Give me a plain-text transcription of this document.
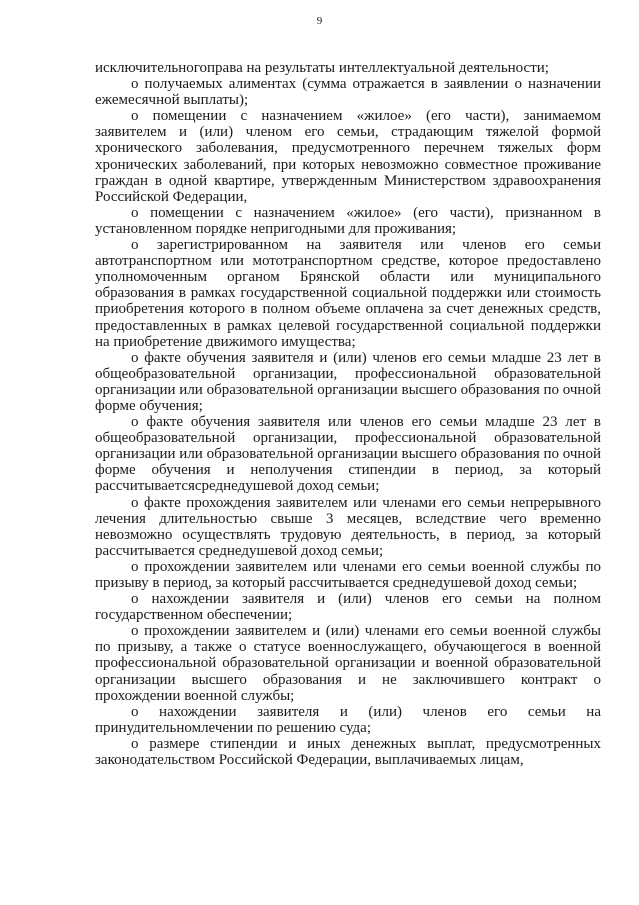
9

исключительногоправа на результаты интеллектуальной деятельности;

о получаемых алиментах (сумма отражается в заявлении о назначении ежемесячной выплаты);

о помещении с назначением «жилое» (его части), занимаемом заявителем и (или) членом его семьи, страдающим тяжелой формой хронического заболевания, предусмотренного перечнем тяжелых форм хронических заболеваний, при которых невозможно совместное проживание граждан в одной квартире, утвержденным Министерством здравоохранения Российской Федерации,

о помещении с назначением «жилое» (его части), признанном в установленном порядке непригодными для проживания;

о зарегистрированном на заявителя или членов его семьи автотранспортном или мототранспортном средстве, которое предоставлено уполномоченным органом Брянской области или муниципального образования в рамках государственной социальной поддержки или стоимость приобретения которого в полном объеме оплачена за счет денежных средств, предоставленных в рамках целевой государственной социальной поддержки на приобретение движимого имущества;

о факте обучения заявителя и (или) членов его семьи младше 23 лет в общеобразовательной организации, профессиональной образовательной организации или образовательной организации высшего образования по очной форме обучения;

о факте обучения заявителя или членов его семьи младше 23 лет в общеобразовательной организации, профессиональной образовательной организации или образовательной организации высшего образования по очной форме обучения и неполучения стипендии в период, за который рассчитываетсясреднедушевой доход семьи;

о факте прохождения заявителем или членами его семьи непрерывного лечения длительностью свыше 3 месяцев, вследствие чего временно невозможно осуществлять трудовую деятельность, в период, за который рассчитывается среднедушевой доход семьи;

о прохождении заявителем или членами его семьи военной службы по призыву в период, за который рассчитывается среднедушевой доход семьи;

о нахождении заявителя и (или) членов его семьи на полном государственном обеспечении;

о прохождении заявителем и (или) членами его семьи военной службы по призыву, а также о статусе военнослужащего, обучающегося в военной профессиональной образовательной организации и военной образовательной организации высшего образования и не заключившего контракт о прохождении военной службы;

о нахождении заявителя и (или) членов его семьи на принудительномлечении по решению суда;

о размере стипендии и иных денежных выплат, предусмотренных законодательством Российской Федерации, выплачиваемых лицам,
